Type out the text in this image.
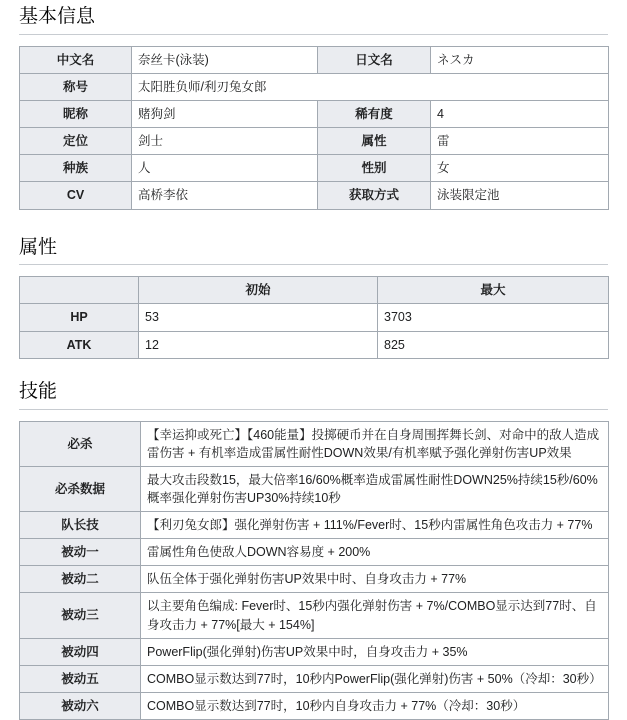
基本信息
中文名	奈丝卡(泳装)	日文名	ネスカ
称号	太阳胜负师/利刃兔女郎		
昵称	赌狗剑	稀有度	4
定位	剑士	属性	雷
种族	人	性别	女
CV	高桥李依	获取方式	泳装限定池
属性
	初始	最大
HP	53	3703
ATK	12	825
技能
必杀	【幸运抑或死亡】【460能量】投掷硬币并在自身周围挥舞长剑、对命中的敌人造成雷伤害 + 有机率造成雷属性耐性DOWN效果/有机率赋予强化弹射伤害UP效果
必杀数据	最大攻击段数15，最大倍率16/60%概率造成雷属性耐性DOWN25%持续15秒/60%概率强化弹射伤害UP30%持续10秒
队长技	【利刃兔女郎】强化弹射伤害 + 111%/Fever时、15秒内雷属性角色攻击力 + 77%
被动一	雷属性角色使敌人DOWN容易度 + 200%
被动二	队伍全体于强化弹射伤害UP效果中时、自身攻击力 + 77%
被动三	以主要角色编成: Fever时、15秒内强化弹射伤害 + 7%/COMBO显示达到77时、自身攻击力 + 77%[最大 + 154%]
被动四	PowerFlip(强化弹射)伤害UP效果中时，自身攻击力 + 35%
被动五	COMBO显示数达到77时，10秒内PowerFlip(强化弹射)伤害 + 50%（冷却：30秒）
被动六	COMBO显示数达到77时，10秒内自身攻击力 + 77%（冷却：30秒）
